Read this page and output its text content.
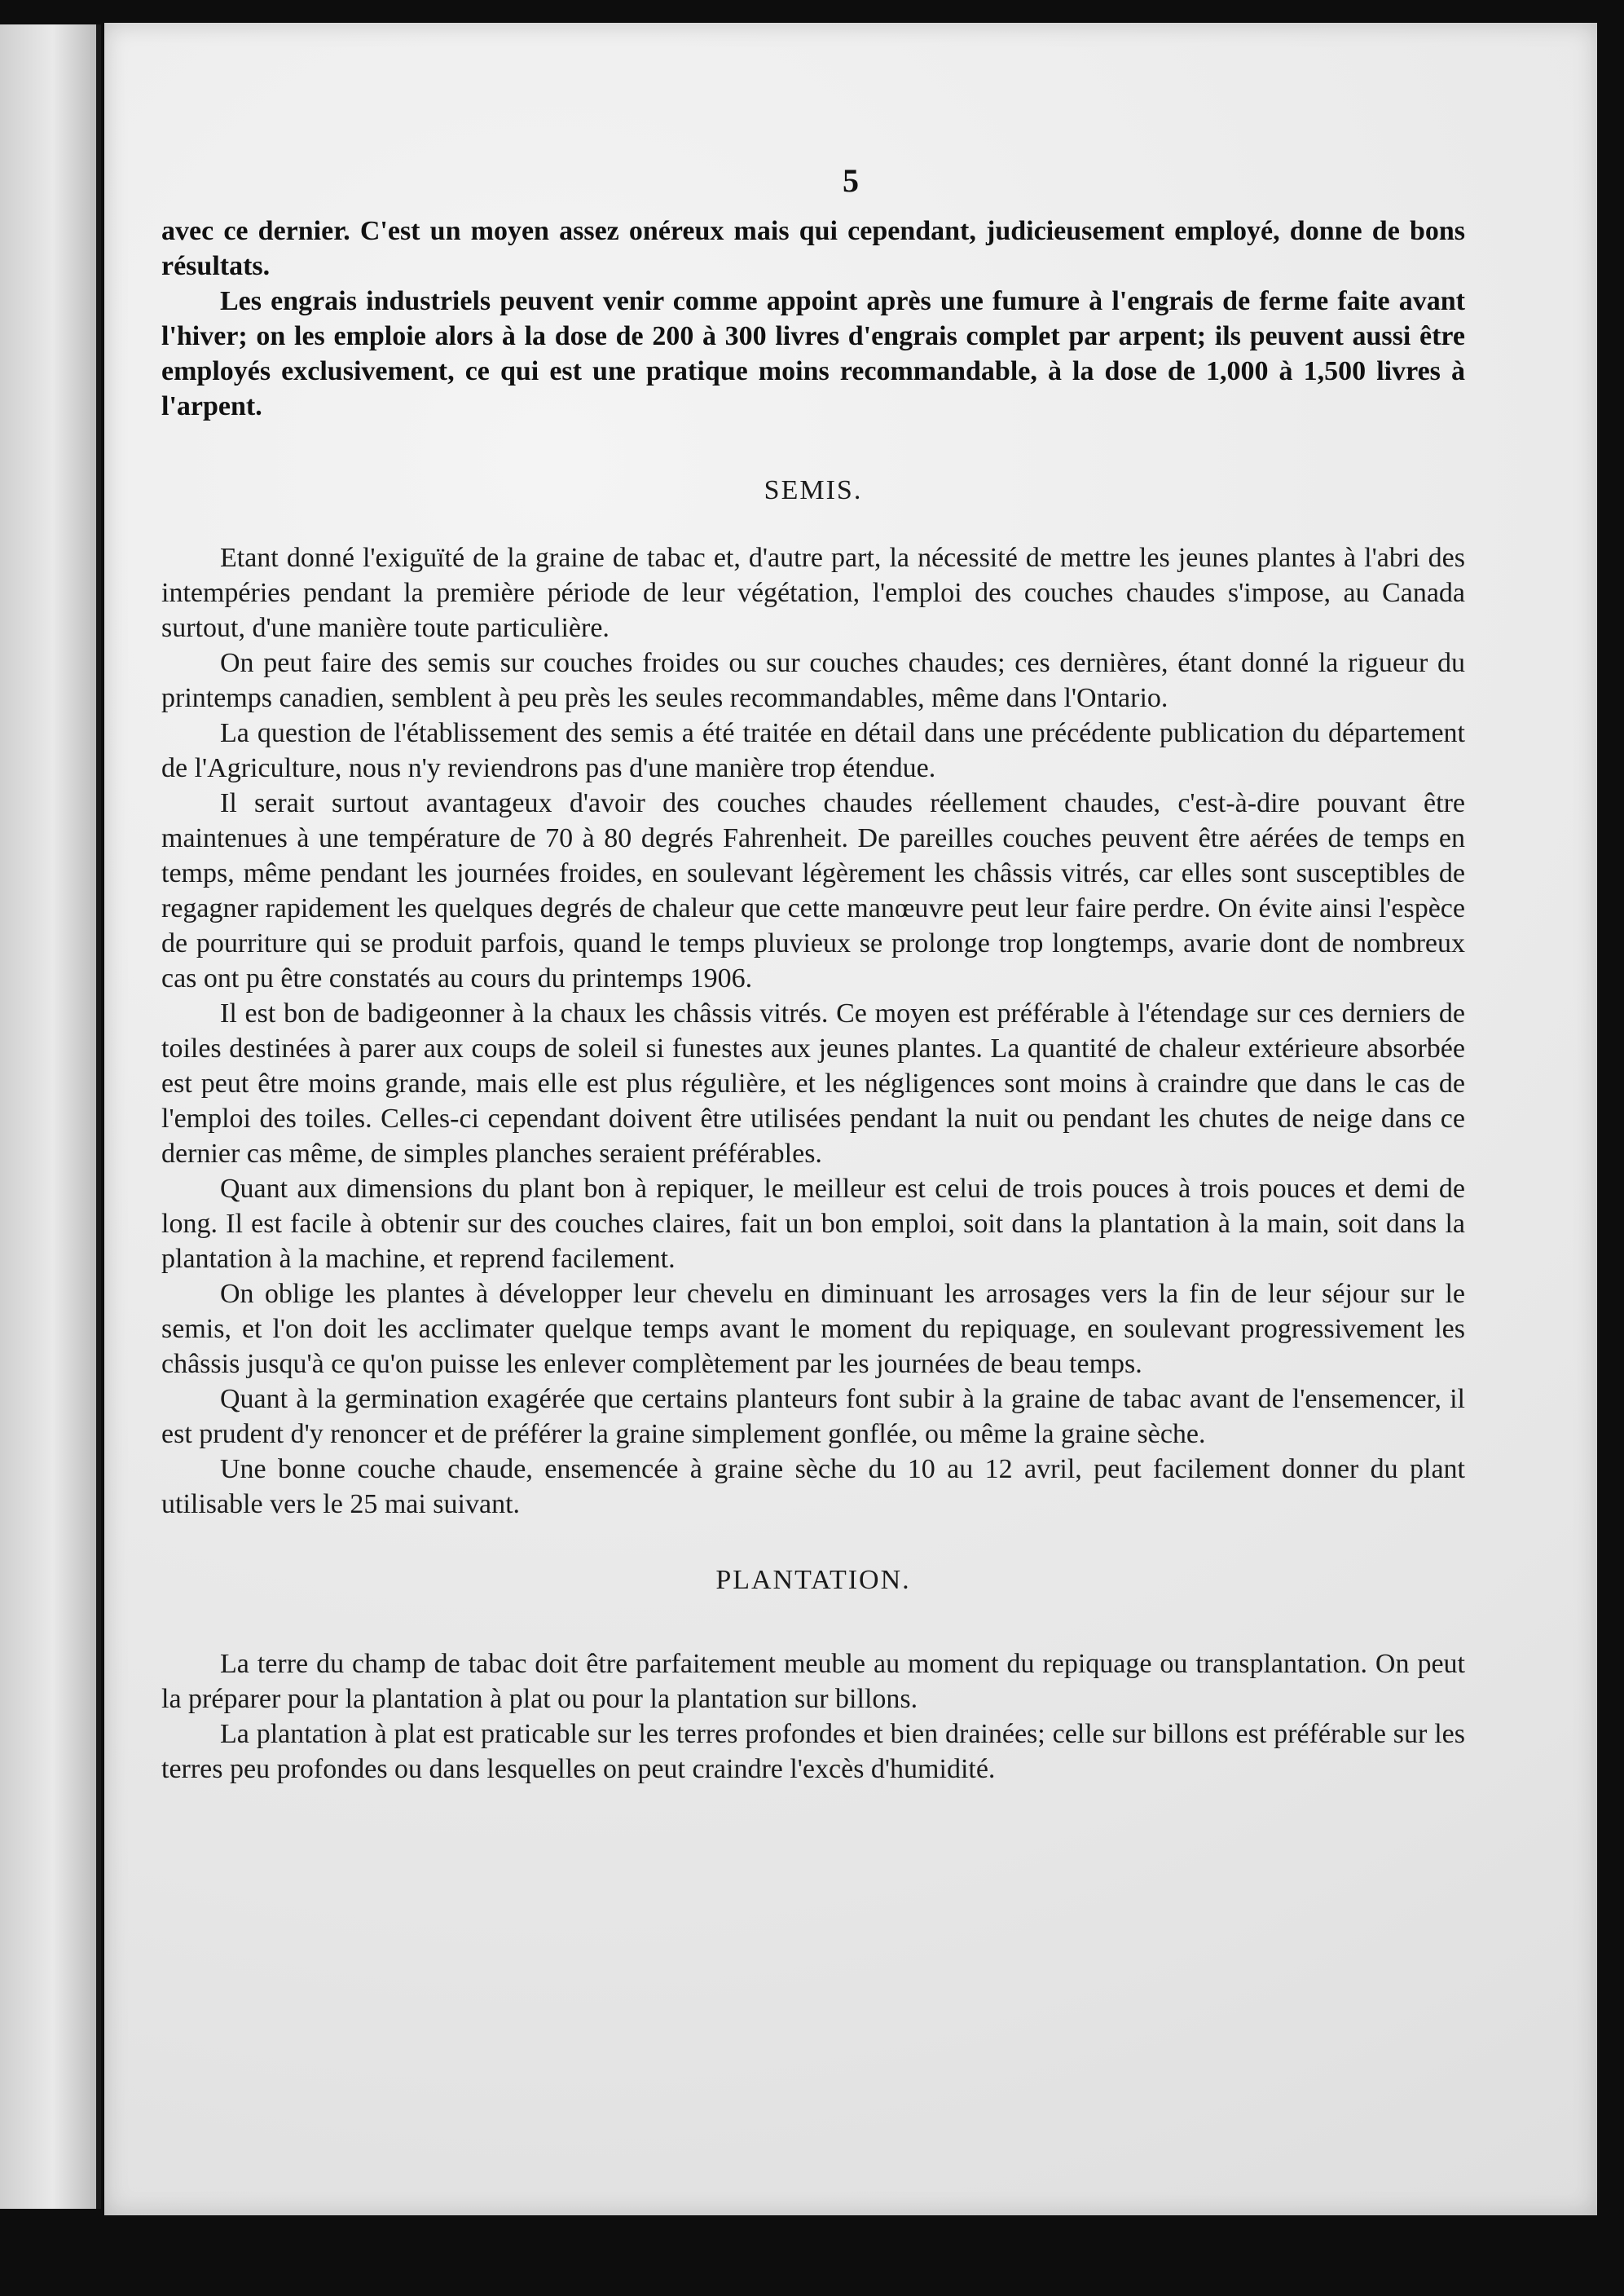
5

avec ce dernier. C'est un moyen assez onéreux mais qui cependant, judicieusement employé, donne de bons résultats.

Les engrais industriels peuvent venir comme appoint après une fumure à l'engrais de ferme faite avant l'hiver; on les emploie alors à la dose de 200 à 300 livres d'engrais complet par arpent; ils peuvent aussi être employés exclusivement, ce qui est une pratique moins recommandable, à la dose de 1,000 à 1,500 livres à l'arpent.

SEMIS.

Etant donné l'exiguïté de la graine de tabac et, d'autre part, la nécessité de mettre les jeunes plantes à l'abri des intempéries pendant la première période de leur végétation, l'emploi des couches chaudes s'impose, au Canada surtout, d'une manière toute particulière.

On peut faire des semis sur couches froides ou sur couches chaudes; ces dernières, étant donné la rigueur du printemps canadien, semblent à peu près les seules recommandables, même dans l'Ontario.

La question de l'établissement des semis a été traitée en détail dans une précédente publication du département de l'Agriculture, nous n'y reviendrons pas d'une manière trop étendue.

Il serait surtout avantageux d'avoir des couches chaudes réellement chaudes, c'est-à-dire pouvant être maintenues à une température de 70 à 80 degrés Fahrenheit. De pareilles couches peuvent être aérées de temps en temps, même pendant les journées froides, en soulevant légèrement les châssis vitrés, car elles sont susceptibles de regagner rapidement les quelques degrés de chaleur que cette manœuvre peut leur faire perdre. On évite ainsi l'espèce de pourriture qui se produit parfois, quand le temps pluvieux se prolonge trop longtemps, avarie dont de nombreux cas ont pu être constatés au cours du printemps 1906.

Il est bon de badigeonner à la chaux les châssis vitrés. Ce moyen est préférable à l'étendage sur ces derniers de toiles destinées à parer aux coups de soleil si funestes aux jeunes plantes. La quantité de chaleur extérieure absorbée est peut être moins grande, mais elle est plus régulière, et les négligences sont moins à craindre que dans le cas de l'emploi des toiles. Celles-ci cependant doivent être utilisées pendant la nuit ou pendant les chutes de neige dans ce dernier cas même, de simples planches seraient préférables.

Quant aux dimensions du plant bon à repiquer, le meilleur est celui de trois pouces à trois pouces et demi de long. Il est facile à obtenir sur des couches claires, fait un bon emploi, soit dans la plantation à la main, soit dans la plantation à la machine, et reprend facilement.

On oblige les plantes à développer leur chevelu en diminuant les arrosages vers la fin de leur séjour sur le semis, et l'on doit les acclimater quelque temps avant le moment du repiquage, en soulevant progressivement les châssis jusqu'à ce qu'on puisse les enlever complètement par les journées de beau temps.

Quant à la germination exagérée que certains planteurs font subir à la graine de tabac avant de l'ensemencer, il est prudent d'y renoncer et de préférer la graine simplement gonflée, ou même la graine sèche.

Une bonne couche chaude, ensemencée à graine sèche du 10 au 12 avril, peut facilement donner du plant utilisable vers le 25 mai suivant.

PLANTATION.

La terre du champ de tabac doit être parfaitement meuble au moment du repiquage ou transplantation. On peut la préparer pour la plantation à plat ou pour la plantation sur billons.

La plantation à plat est praticable sur les terres profondes et bien drainées; celle sur billons est préférable sur les terres peu profondes ou dans lesquelles on peut craindre l'excès d'humidité.
